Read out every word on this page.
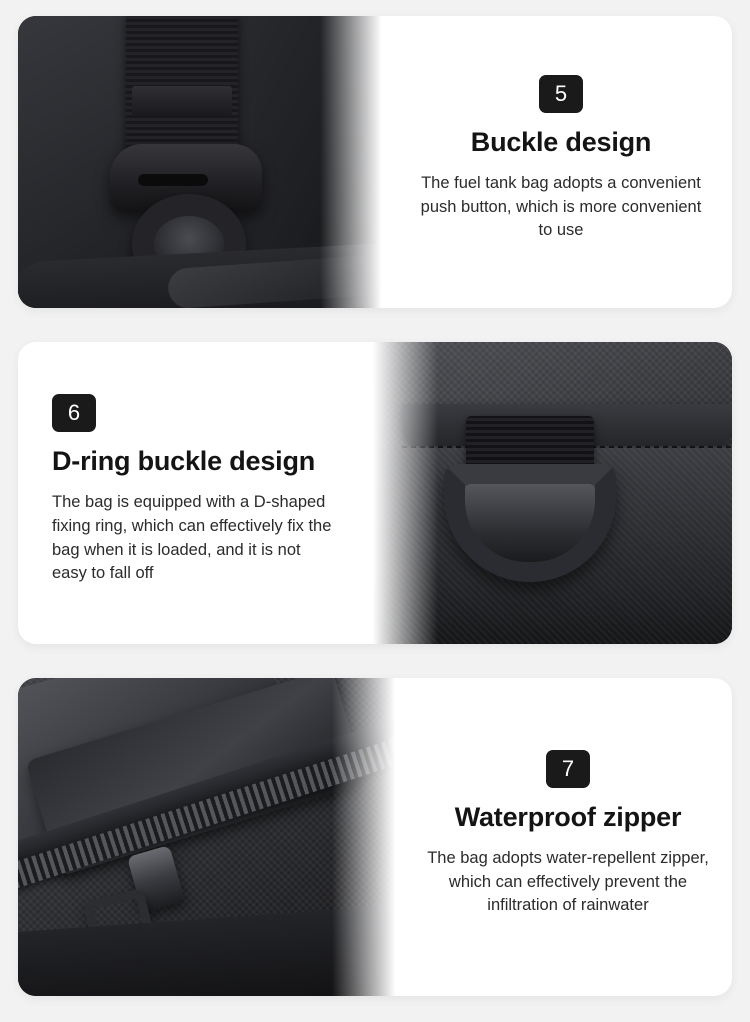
5
Buckle design

The fuel tank bag adopts a convenient push button, which is more convenient to use

6
D-ring buckle design

The bag is equipped with a D-shaped fixing ring, which can effectively fix the bag when it is loaded, and it is not easy to fall off

7
Waterproof zipper

The bag adopts water-repellent zipper, which can effectively prevent the infiltration of rainwater
